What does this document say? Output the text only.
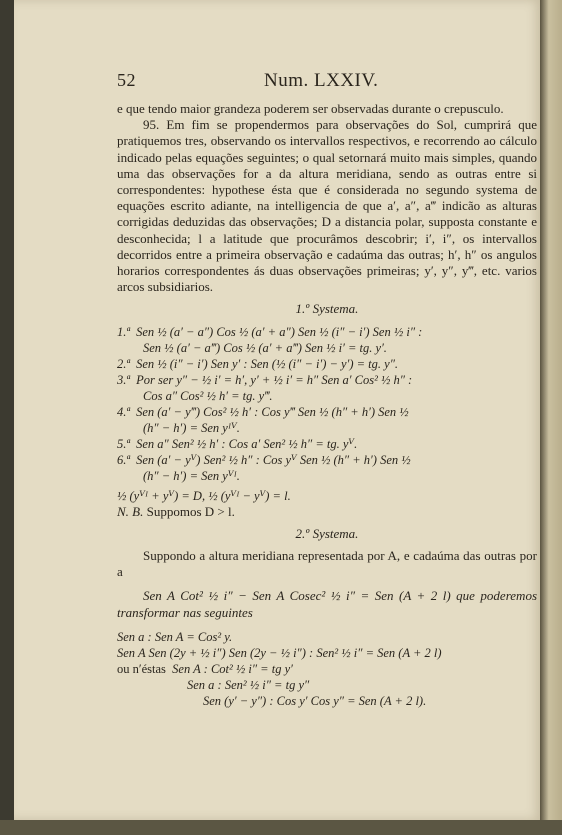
52	Num. LXXIV.

e que tendo maior grandeza poderem ser observadas durante o crepusculo.

95. Em fim se propendermos para observações do Sol, cumprirá que pratiquemos tres, observando os intervallos respectivos, e recorrendo ao cálculo indicado pelas equações seguintes; o qual setornará muito mais simples, quando uma das observações for a da altura meridiana, sendo as outras entre si correspondentes: hypothese ésta que é considerada no segundo systema de equações escrito adiante, na intelligencia de que a′, a″, a‴ indicão as alturas corrigidas deduzidas das observações; D a distancia polar, supposta constante e desconhecida; l a latitude que procurâmos descobrir; i′, i″, os intervallos decorridos entre a primeira observação e cadaúma das outras; h′, h″ os angulos horarios correspondentes ás duas observações primeiras; y′, y″, y‴, etc. varios arcos subsidiarios.

1.º Systema.

1.ª  Sen ½ (a′ − a″) Cos ½ (a′ + a″) Sen ½ (i″ − i′) Sen ½ i″ :

Sen ½ (a′ − a‴) Cos ½ (a′ + a‴) Sen ½ i′ = tg. y′.

2.ª  Sen ½ (i″ − i′) Sen y′ : Sen (½ (i″ − i′) − y′) = tg. y″.

3.ª  Por ser y″ − ½ i′ = h′, y′ + ½ i′ = h″ Sen a′ Cos² ½ h″ :

Cos a″ Cos² ½ h′ = tg. y‴.

4.ª  Sen (a′ − y‴) Cos² ½ h′ : Cos y‴ Sen ½ (h″ + h′) Sen ½

(h″ − h′) = Sen yᴵⱽ.

5.ª  Sen a″ Sen² ½ h′ : Cos a′ Sen² ½ h″ = tg. yⱽ.

6.ª  Sen (a′ − yⱽ) Sen² ½ h″ : Cos yⱽ Sen ½ (h″ + h′) Sen ½

(h″ − h′) = Sen yⱽᴵ.

½ (yⱽᴵ + yⱽ) = D, ½ (yⱽᴵ − yⱽ) = l.

N. B. Suppomos D > l.

2.º Systema.

Suppondo a altura meridiana representada por A, e cadaúma das outras por a

Sen A Cot² ½ i″ − Sen A Cosec² ½ i″ = Sen (A + 2 l) que poderemos transformar nas seguintes

Sen a : Sen A = Cos² y.

Sen A Sen (2y + ½ i″) Sen (2y − ½ i″) : Sen² ½ i″ = Sen (A + 2 l)

ou n′éstas Sen A : Cot² ½ i″ = tg y′

Sen a : Sen² ½ i″ = tg y″

Sen (y′ − y″) : Cos y′ Cos y″ = Sen (A + 2 l).
